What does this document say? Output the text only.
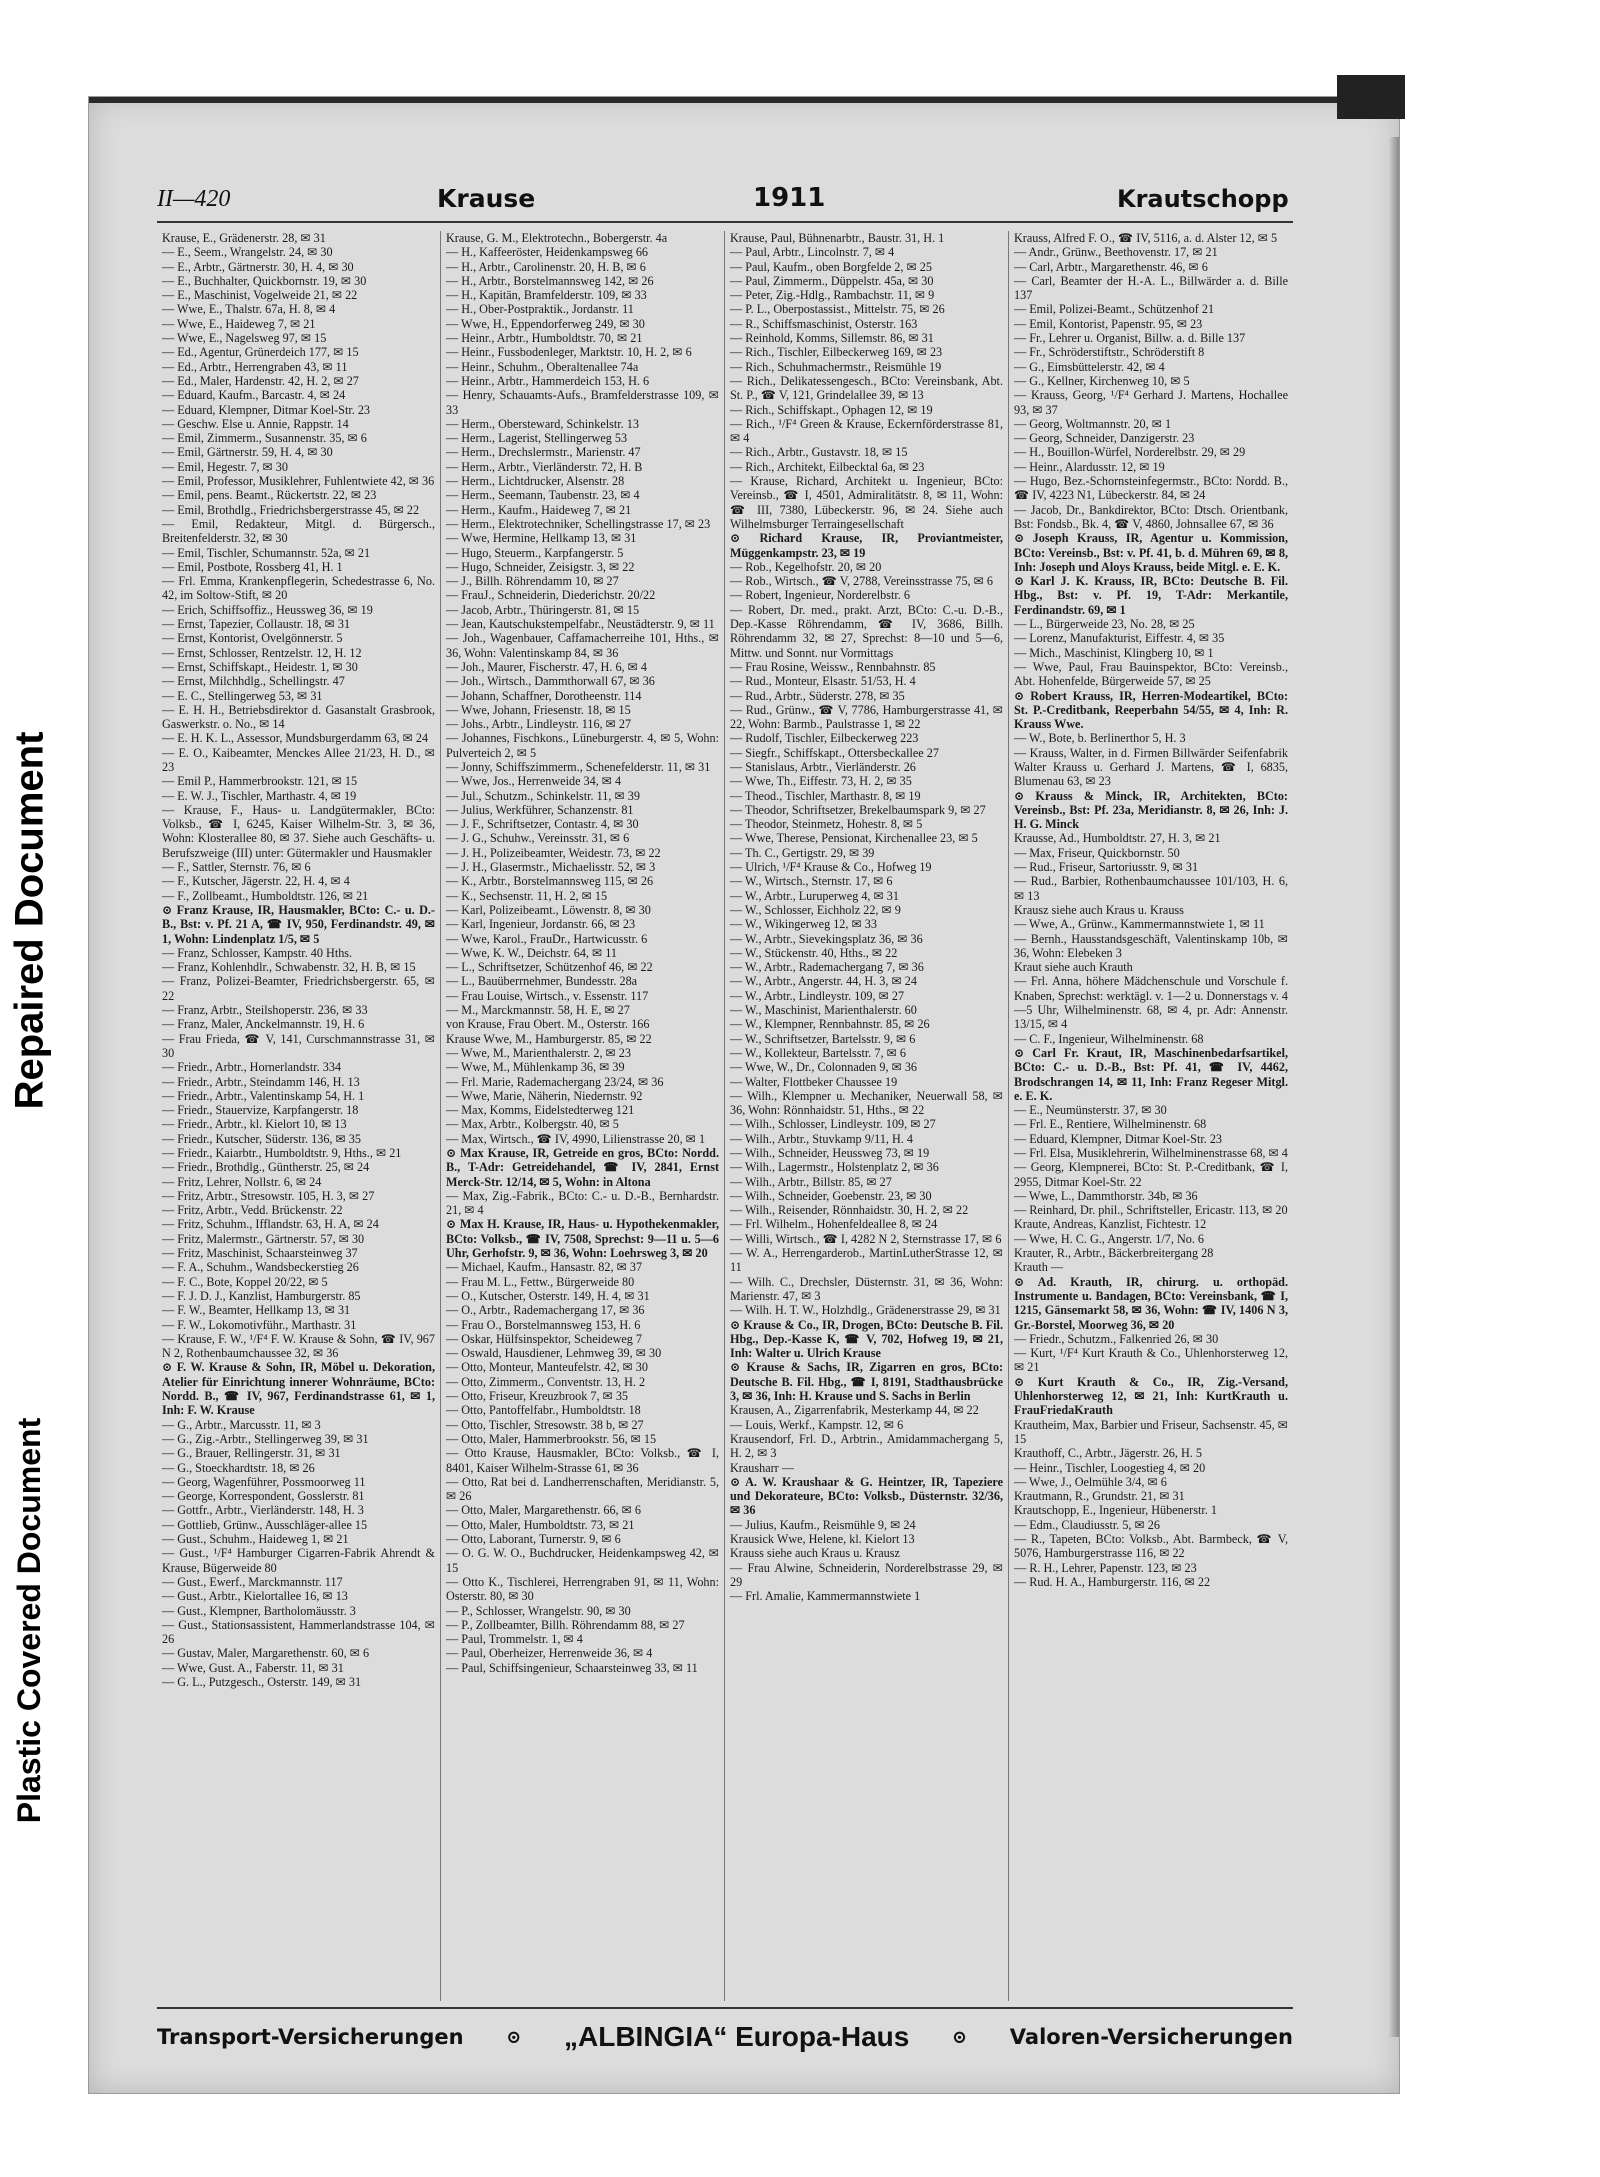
Repaired Document
Plastic Covered Document
II—420	Krause	1911	Krautschopp

Krause, E., Grädenerstr. 28, ✉ 31

— E., Seem., Wrangelstr. 24, ✉ 30

— E., Arbtr., Gärtnerstr. 30, H. 4, ✉ 30

— E., Buchhalter, Quickbornstr. 19, ✉ 30

— E., Maschinist, Vogelweide 21, ✉ 22

— Wwe, E., Thalstr. 67a, H. 8, ✉ 4

— Wwe, E., Haideweg 7, ✉ 21

— Wwe, E., Nagelsweg 97, ✉ 15

— Ed., Agentur, Grünerdeich 177, ✉ 15

— Ed., Arbtr., Herrengraben 43, ✉ 11

— Ed., Maler, Hardenstr. 42, H. 2, ✉ 27

— Eduard, Kaufm., Barcastr. 4, ✉ 24

— Eduard, Klempner, Ditmar Koel-Str. 23

— Geschw. Else u. Annie, Rappstr. 14

— Emil, Zimmerm., Susannenstr. 35, ✉ 6

— Emil, Gärtnerstr. 59, H. 4, ✉ 30

— Emil, Hegestr. 7, ✉ 30

— Emil, Professor, Musiklehrer, Fuhlentwiete 42, ✉ 36

— Emil, pens. Beamt., Rückertstr. 22, ✉ 23

— Emil, Brothdlg., Friedrichsbergerstrasse 45, ✉ 22

— Emil, Redakteur, Mitgl. d. Bürgersch., Breitenfelderstr. 32, ✉ 30

— Emil, Tischler, Schumannstr. 52a, ✉ 21

— Emil, Postbote, Rossberg 41, H. 1

— Frl. Emma, Krankenpflegerin, Schedestrasse 6, No. 42, im Soltow-Stift, ✉ 20

— Erich, Schiffsoffiz., Heussweg 36, ✉ 19

— Ernst, Tapezier, Collaustr. 18, ✉ 31

— Ernst, Kontorist, Ovelgönnerstr. 5

— Ernst, Schlosser, Rentzelstr. 12, H. 12

— Ernst, Schiffskapt., Heidestr. 1, ✉ 30

— Ernst, Milchhdlg., Schellingstr. 47

— E. C., Stellingerweg 53, ✉ 31

— E. H. H., Betriebsdirektor d. Gasanstalt Grasbrook, Gaswerkstr. o. No., ✉ 14

— E. H. K. L., Assessor, Mundsburgerdamm 63, ✉ 24

— E. O., Kaibeamter, Menckes Allee 21/23, H. D., ✉ 23

— Emil P., Hammerbrookstr. 121, ✉ 15

— E. W. J., Tischler, Marthastr. 4, ✉ 19

— Krause, F., Haus- u. Landgütermakler, BCto: Volksb., ☎ I, 6245, Kaiser Wilhelm-Str. 3, ✉ 36, Wohn: Klosterallee 80, ✉ 37. Siehe auch Geschäfts- u. Berufszweige (III) unter: Gütermakler und Hausmakler

— F., Sattler, Sternstr. 76, ✉ 6

— F., Kutscher, Jägerstr. 22, H. 4, ✉ 4

— F., Zollbeamt., Humboldtstr. 126, ✉ 21

⊙ Franz Krause, IR, Hausmakler, BCto: C.- u. D.-B., Bst: v. Pf. 21 A, ☎ IV, 950, Ferdinandstr. 49, ✉ 1, Wohn: Lindenplatz 1/5, ✉ 5

— Franz, Schlosser, Kampstr. 40 Hths.

— Franz, Kohlenhdlr., Schwabenstr. 32, H. B, ✉ 15

— Franz, Polizei-Beamter, Friedrichsbergerstr. 65, ✉ 22

— Franz, Arbtr., Steilshoperstr. 236, ✉ 33

— Franz, Maler, Anckelmannstr. 19, H. 6

— Frau Frieda, ☎ V, 141, Curschmannstrasse 31, ✉ 30

— Friedr., Arbtr., Hornerlandstr. 334

— Friedr., Arbtr., Steindamm 146, H. 13

— Friedr., Arbtr., Valentinskamp 54, H. 1

— Friedr., Stauervize, Karpfangerstr. 18

— Friedr., Arbtr., kl. Kielort 10, ✉ 13

— Friedr., Kutscher, Süderstr. 136, ✉ 35

— Friedr., Kaiarbtr., Humboldtstr. 9, Hths., ✉ 21

— Friedr., Brothdlg., Güntherstr. 25, ✉ 24

— Fritz, Lehrer, Nollstr. 6, ✉ 24

— Fritz, Arbtr., Stresowstr. 105, H. 3, ✉ 27

— Fritz, Arbtr., Vedd. Brückenstr. 22

— Fritz, Schuhm., Ifflandstr. 63, H. A, ✉ 24

— Fritz, Malermstr., Gärtnerstr. 57, ✉ 30

— Fritz, Maschinist, Schaarsteinweg 37

— F. A., Schuhm., Wandsbeckerstieg 26

— F. C., Bote, Koppel 20/22, ✉ 5

— F. J. D. J., Kanzlist, Hamburgerstr. 85

— F. W., Beamter, Hellkamp 13, ✉ 31

— F. W., Lokomotivführ., Marthastr. 31

— Krause, F. W., ¹/F⁴ F. W. Krause & Sohn, ☎ IV, 967 N 2, Rothenbaumchaussee 32, ✉ 36

⊙ F. W. Krause & Sohn, IR, Möbel u. Dekoration, Atelier für Einrichtung innerer Wohnräume, BCto: Nordd. B., ☎ IV, 967, Ferdinandstrasse 61, ✉ 1, Inh: F. W. Krause

— G., Arbtr., Marcusstr. 11, ✉ 3

— G., Zig.-Arbtr., Stellingerweg 39, ✉ 31

— G., Brauer, Rellingerstr. 31, ✉ 31

— G., Stoeckhardtstr. 18, ✉ 26

— Georg, Wagenführer, Possmoorweg 11

— George, Korrespondent, Gosslerstr. 81

— Gottfr., Arbtr., Vierländerstr. 148, H. 3

— Gottlieb, Grünw., Ausschläger-allee 15

— Gust., Schuhm., Haideweg 1, ✉ 21

— Gust., ¹/F⁴ Hamburger Cigarren-Fabrik Ahrendt & Krause, Bügerweide 80

— Gust., Ewerf., Marckmannstr. 117

— Gust., Arbtr., Kielortallee 16, ✉ 13

— Gust., Klempner, Bartholomäusstr. 3

— Gust., Stationsassistent, Hammerlandstrasse 104, ✉ 26

— Gustav, Maler, Margarethenstr. 60, ✉ 6

— Wwe, Gust. A., Faberstr. 11, ✉ 31

— G. L., Putzgesch., Osterstr. 149, ✉ 31

Krause, G. M., Elektrotechn., Bobergerstr. 4a

— H., Kaffeeröster, Heidenkampsweg 66

— H., Arbtr., Carolinenstr. 20, H. B, ✉ 6

— H., Arbtr., Borstelmannsweg 142, ✉ 26

— H., Kapitän, Bramfelderstr. 109, ✉ 33

— H., Ober-Postpraktik., Jordanstr. 11

— Wwe, H., Eppendorferweg 249, ✉ 30

— Heinr., Arbtr., Humboldtstr. 70, ✉ 21

— Heinr., Fussbodenleger, Marktstr. 10, H. 2, ✉ 6

— Heinr., Schuhm., Oberaltenallee 74a

— Heinr., Arbtr., Hammerdeich 153, H. 6

— Henry, Schauamts-Aufs., Bramfelderstrasse 109, ✉ 33

— Herm., Obersteward, Schinkelstr. 13

— Herm., Lagerist, Stellingerweg 53

— Herm., Drechslermstr., Marienstr. 47

— Herm., Arbtr., Vierländerstr. 72, H. B

— Herm., Lichtdrucker, Alsenstr. 28

— Herm., Seemann, Taubenstr. 23, ✉ 4

— Herm., Kaufm., Haideweg 7, ✉ 21

— Herm., Elektrotechniker, Schellingstrasse 17, ✉ 23

— Wwe, Hermine, Hellkamp 13, ✉ 31

— Hugo, Steuerm., Karpfangerstr. 5

— Hugo, Schneider, Zeisigstr. 3, ✉ 22

— J., Billh. Röhrendamm 10, ✉ 27

— FrauJ., Schneiderin, Diederichstr. 20/22

— Jacob, Arbtr., Thüringerstr. 81, ✉ 15

— Jean, Kautschukstempelfabr., Neustädterstr. 9, ✉ 11

— Joh., Wagenbauer, Caffamacherreihe 101, Hths., ✉ 36, Wohn: Valentinskamp 84, ✉ 36

— Joh., Maurer, Fischerstr. 47, H. 6, ✉ 4

— Joh., Wirtsch., Dammthorwall 67, ✉ 36

— Johann, Schaffner, Dorotheenstr. 114

— Wwe, Johann, Friesenstr. 18, ✉ 15

— Johs., Arbtr., Lindleystr. 116, ✉ 27

— Johannes, Fischkons., Lüneburgerstr. 4, ✉ 5, Wohn: Pulverteich 2, ✉ 5

— Jonny, Schiffszimmerm., Schenefelderstr. 11, ✉ 31

— Wwe, Jos., Herrenweide 34, ✉ 4

— Jul., Schutzm., Schinkelstr. 11, ✉ 39

— Julius, Werkführer, Schanzenstr. 81

— J. F., Schriftsetzer, Contastr. 4, ✉ 30

— J. G., Schuhw., Vereinsstr. 31, ✉ 6

— J. H., Polizeibeamter, Weidestr. 73, ✉ 22

— J. H., Glasermstr., Michaelisstr. 52, ✉ 3

— K., Arbtr., Borstelmannsweg 115, ✉ 26

— K., Sechsenstr. 11, H. 2, ✉ 15

— Karl, Polizeibeamt., Löwenstr. 8, ✉ 30

— Karl, Ingenieur, Jordanstr. 66, ✉ 23

— Wwe, Karol., FrauDr., Hartwicusstr. 6

— Wwe, K. W., Deichstr. 64, ✉ 11

— L., Schriftsetzer, Schützenhof 46, ✉ 22

— L., Bauüberrnehmer, Bundesstr. 28a

— Frau Louise, Wirtsch., v. Essenstr. 117

— M., Marckmannstr. 58, H. E, ✉ 27

von Krause, Frau Obert. M., Osterstr. 166

Krause Wwe, M., Hamburgerstr. 85, ✉ 22

— Wwe, M., Marienthalerstr. 2, ✉ 23

— Wwe, M., Mühlenkamp 36, ✉ 39

— Frl. Marie, Rademachergang 23/24, ✉ 36

— Wwe, Marie, Näherin, Niedernstr. 92

— Max, Komms, Eidelstedterweg 121

— Max, Arbtr., Kolbergstr. 40, ✉ 5

— Max, Wirtsch., ☎ IV, 4990, Lilienstrasse 20, ✉ 1

⊙ Max Krause, IR, Getreide en gros, BCto: Nordd. B., T-Adr: Getreidehandel, ☎ IV, 2841, Ernst Merck-Str. 12/14, ✉ 5, Wohn: in Altona

— Max, Zig.-Fabrik., BCto: C.- u. D.-B., Bernhardstr. 21, ✉ 4

⊙ Max H. Krause, IR, Haus- u. Hypothekenmakler, BCto: Volksb., ☎ IV, 7508, Sprechst: 9—11 u. 5—6 Uhr, Gerhofstr. 9, ✉ 36, Wohn: Loehrsweg 3, ✉ 20

— Michael, Kaufm., Hansastr. 82, ✉ 37

— Frau M. L., Fettw., Bürgerweide 80

— O., Kutscher, Osterstr. 149, H. 4, ✉ 31

— O., Arbtr., Rademachergang 17, ✉ 36

— Frau O., Borstelmannsweg 153, H. 6

— Oskar, Hülfsinspektor, Scheideweg 7

— Oswald, Hausdiener, Lehmweg 39, ✉ 30

— Otto, Monteur, Manteufelstr. 42, ✉ 30

— Otto, Zimmerm., Conventstr. 13, H. 2

— Otto, Friseur, Kreuzbrook 7, ✉ 35

— Otto, Pantoffelfabr., Humboldtstr. 18

— Otto, Tischler, Stresowstr. 38 b, ✉ 27

— Otto, Maler, Hammerbrookstr. 56, ✉ 15

— Otto Krause, Hausmakler, BCto: Volksb., ☎ I, 8401, Kaiser Wilhelm-Strasse 61, ✉ 36

— Otto, Rat bei d. Landherrenschaften, Meridianstr. 5, ✉ 26

— Otto, Maler, Margarethenstr. 66, ✉ 6

— Otto, Maler, Humboldtstr. 73, ✉ 21

— Otto, Laborant, Turnerstr. 9, ✉ 6

— O. G. W. O., Buchdrucker, Heidenkampsweg 42, ✉ 15

— Otto K., Tischlerei, Herrengraben 91, ✉ 11, Wohn: Osterstr. 80, ✉ 30

— P., Schlosser, Wrangelstr. 90, ✉ 30

— P., Zollbeamter, Billh. Röhrendamm 88, ✉ 27

— Paul, Trommelstr. 1, ✉ 4

— Paul, Oberheizer, Herrenweide 36, ✉ 4

— Paul, Schiffsingenieur, Schaarsteinweg 33, ✉ 11

Krause, Paul, Bühnenarbtr., Baustr. 31, H. 1

— Paul, Arbtr., Lincolnstr. 7, ✉ 4

— Paul, Kaufm., oben Borgfelde 2, ✉ 25

— Paul, Zimmerm., Düppelstr. 45a, ✉ 30

— Peter, Zig.-Hdlg., Rambachstr. 11, ✉ 9

— P. L., Oberpostassist., Mittelstr. 75, ✉ 26

— R., Schiffsmaschinist, Osterstr. 163

— Reinhold, Komms, Sillemstr. 86, ✉ 31

— Rich., Tischler, Eilbeckerweg 169, ✉ 23

— Rich., Schuhmachermstr., Reismühle 19

— Rich., Delikatessengesch., BCto: Vereinsbank, Abt. St. P., ☎ V, 121, Grindelallee 39, ✉ 13

— Rich., Schiffskapt., Ophagen 12, ✉ 19

— Rich., ¹/F⁴ Green & Krause, Eckernförderstrasse 81, ✉ 4

— Rich., Arbtr., Gustavstr. 18, ✉ 15

— Rich., Architekt, Eilbecktal 6a, ✉ 23

— Krause, Richard, Architekt u. Ingenieur, BCto: Vereinsb., ☎ I, 4501, Admiralitätstr. 8, ✉ 11, Wohn: ☎ III, 7380, Lübeckerstr. 96, ✉ 24. Siehe auch Wilhelmsburger Terraingesellschaft

⊙ Richard Krause, IR, Proviantmeister, Müggenkampstr. 23, ✉ 19

— Rob., Kegelhofstr. 20, ✉ 20

— Rob., Wirtsch., ☎ V, 2788, Vereinsstrasse 75, ✉ 6

— Robert, Ingenieur, Norderelbstr. 6

— Robert, Dr. med., prakt. Arzt, BCto: C.-u. D.-B., Dep.-Kasse Röhrendamm, ☎ IV, 3686, Billh. Röhrendamm 32, ✉ 27, Sprechst: 8—10 und 5—6, Mittw. und Sonnt. nur Vormittags

— Frau Rosine, Weissw., Rennbahnstr. 85

— Rud., Monteur, Elsastr. 51/53, H. 4

— Rud., Arbtr., Süderstr. 278, ✉ 35

— Rud., Grünw., ☎ V, 7786, Hamburgerstrasse 41, ✉ 22, Wohn: Barmb., Paulstrasse 1, ✉ 22

— Rudolf, Tischler, Eilbeckerweg 223

— Siegfr., Schiffskapt., Ottersbeckallee 27

— Stanislaus, Arbtr., Vierländerstr. 26

— Wwe, Th., Eiffestr. 73, H. 2, ✉ 35

— Theod., Tischler, Marthastr. 8, ✉ 19

— Theodor, Schriftsetzer, Brekelbaumspark 9, ✉ 27

— Theodor, Steinmetz, Hohestr. 8, ✉ 5

— Wwe, Therese, Pensionat, Kirchenallee 23, ✉ 5

— Th. C., Gertigstr. 29, ✉ 39

— Ulrich, ¹/F⁴ Krause & Co., Hofweg 19

— W., Wirtsch., Sternstr. 17, ✉ 6

— W., Arbtr., Luruperweg 4, ✉ 31

— W., Schlosser, Eichholz 22, ✉ 9

— W., Wikingerweg 12, ✉ 33

— W., Arbtr., Sievekingsplatz 36, ✉ 36

— W., Stückenstr. 40, Hths., ✉ 22

— W., Arbtr., Rademachergang 7, ✉ 36

— W., Arbtr., Angerstr. 44, H. 3, ✉ 24

— W., Arbtr., Lindleystr. 109, ✉ 27

— W., Maschinist, Marienthalerstr. 60

— W., Klempner, Rennbahnstr. 85, ✉ 26

— W., Schriftsetzer, Bartelsstr. 9, ✉ 6

— W., Kollekteur, Bartelsstr. 7, ✉ 6

— Wwe, W., Dr., Colonnaden 9, ✉ 36

— Walter, Flottbeker Chaussee 19

— Wilh., Klempner u. Mechaniker, Neuerwall 58, ✉ 36, Wohn: Rönnhaidstr. 51, Hths., ✉ 22

— Wilh., Schlosser, Lindleystr. 109, ✉ 27

— Wilh., Arbtr., Stuvkamp 9/11, H. 4

— Wilh., Schneider, Heussweg 73, ✉ 19

— Wilh., Lagermstr., Holstenplatz 2, ✉ 36

— Wilh., Arbtr., Billstr. 85, ✉ 27

— Wilh., Schneider, Goebenstr. 23, ✉ 30

— Wilh., Reisender, Rönnhaidstr. 30, H. 2, ✉ 22

— Frl. Wilhelm., Hohenfeldeallee 8, ✉ 24

— Willi, Wirtsch., ☎ I, 4282 N 2, Sternstrasse 17, ✉ 6

— W. A., Herrengarderob., MartinLutherStrasse 12, ✉ 11

— Wilh. C., Drechsler, Düsternstr. 31, ✉ 36, Wohn: Marienstr. 47, ✉ 3

— Wilh. H. T. W., Holzhdlg., Grädenerstrasse 29, ✉ 31

⊙ Krause & Co., IR, Drogen, BCto: Deutsche B. Fil. Hbg., Dep.-Kasse K, ☎ V, 702, Hofweg 19, ✉ 21, Inh: Walter u. Ulrich Krause

⊙ Krause & Sachs, IR, Zigarren en gros, BCto: Deutsche B. Fil. Hbg., ☎ I, 8191, Stadthausbrücke 3, ✉ 36, Inh: H. Krause und S. Sachs in Berlin

Krausen, A., Zigarrenfabrik, Mesterkamp 44, ✉ 22

— Louis, Werkf., Kampstr. 12, ✉ 6

Krausendorf, Frl. D., Arbtrin., Amidammachergang 5, H. 2, ✉ 3

Krausharr —

⊙ A. W. Kraushaar & G. Heintzer, IR, Tapeziere und Dekorateure, BCto: Volksb., Düsternstr. 32/36, ✉ 36

— Julius, Kaufm., Reismühle 9, ✉ 24

Krausick Wwe, Helene, kl. Kielort 13

Krauss siehe auch Kraus u. Krausz

— Frau Alwine, Schneiderin, Norderelbstrasse 29, ✉ 29

— Frl. Amalie, Kammermannstwiete 1

Krauss, Alfred F. O., ☎ IV, 5116, a. d. Alster 12, ✉ 5

— Andr., Grünw., Beethovenstr. 17, ✉ 21

— Carl, Arbtr., Margarethenstr. 46, ✉ 6

— Carl, Beamter der H.-A. L., Billwärder a. d. Bille 137

— Emil, Polizei-Beamt., Schützenhof 21

— Emil, Kontorist, Papenstr. 95, ✉ 23

— Fr., Lehrer u. Organist, Billw. a. d. Bille 137

— Fr., Schröderstiftstr., Schröderstift 8

— G., Eimsbüttelerstr. 42, ✉ 4

— G., Kellner, Kirchenweg 10, ✉ 5

— Krauss, Georg, ¹/F⁴ Gerhard J. Martens, Hochallee 93, ✉ 37

— Georg, Woltmannstr. 20, ✉ 1

— Georg, Schneider, Danzigerstr. 23

— H., Bouillon-Würfel, Norderelbstr. 29, ✉ 29

— Heinr., Alardusstr. 12, ✉ 19

— Hugo, Bez.-Schornsteinfegermstr., BCto: Nordd. B., ☎ IV, 4223 N1, Lübeckerstr. 84, ✉ 24

— Jacob, Dr., Bankdirektor, BCto: Dtsch. Orientbank, Bst: Fondsb., Bk. 4, ☎ V, 4860, Johnsallee 67, ✉ 36

⊙ Joseph Krauss, IR, Agentur u. Kommission, BCto: Vereinsb., Bst: v. Pf. 41, b. d. Mühren 69, ✉ 8, Inh: Joseph und Aloys Krauss, beide Mitgl. e. E. K.

⊙ Karl J. K. Krauss, IR, BCto: Deutsche B. Fil. Hbg., Bst: v. Pf. 19, T-Adr: Merkantile, Ferdinandstr. 69, ✉ 1

— L., Bürgerweide 23, No. 28, ✉ 25

— Lorenz, Manufakturist, Eiffestr. 4, ✉ 35

— Mich., Maschinist, Klingberg 10, ✉ 1

— Wwe, Paul, Frau Bauinspektor, BCto: Vereinsb., Abt. Hohenfelde, Bürgerweide 57, ✉ 25

⊙ Robert Krauss, IR, Herren-Modeartikel, BCto: St. P.-Creditbank, Reeperbahn 54/55, ✉ 4, Inh: R. Krauss Wwe.

— W., Bote, b. Berlinerthor 5, H. 3

— Krauss, Walter, in d. Firmen Billwärder Seifenfabrik Walter Krauss u. Gerhard J. Martens, ☎ I, 6835, Blumenau 63, ✉ 23

⊙ Krauss & Minck, IR, Architekten, BCto: Vereinsb., Bst: Pf. 23a, Meridianstr. 8, ✉ 26, Inh: J. H. G. Minck

Krausse, Ad., Humboldtstr. 27, H. 3, ✉ 21

— Max, Friseur, Quickbornstr. 50

— Rud., Friseur, Sartoriusstr. 9, ✉ 31

— Rud., Barbier, Rothenbaumchaussee 101/103, H. 6, ✉ 13

Krausz siehe auch Kraus u. Krauss

— Wwe, A., Grünw., Kammermannstwiete 1, ✉ 11

— Bernh., Hausstandsgeschäft, Valentinskamp 10b, ✉ 36, Wohn: Elebeken 3

Kraut siehe auch Krauth

— Frl. Anna, höhere Mädchenschule und Vorschule f. Knaben, Sprechst: werktägl. v. 1—2 u. Donnerstags v. 4—5 Uhr, Wilhelminenstr. 68, ✉ 4, pr. Adr: Annenstr. 13/15, ✉ 4

— C. F., Ingenieur, Wilhelminenstr. 68

⊙ Carl Fr. Kraut, IR, Maschinenbedarfsartikel, BCto: C.- u. D.-B., Bst: Pf. 41, ☎ IV, 4462, Brodschrangen 14, ✉ 11, Inh: Franz Regeser Mitgl. e. E. K.

— E., Neumünsterstr. 37, ✉ 30

— Frl. E., Rentiere, Wilhelminenstr. 68

— Eduard, Klempner, Ditmar Koel-Str. 23

— Frl. Elsa, Musiklehrerin, Wilhelminenstrasse 68, ✉ 4

— Georg, Klempnerei, BCto: St. P.-Creditbank, ☎ I, 2955, Ditmar Koel-Str. 22

— Wwe, L., Dammthorstr. 34b, ✉ 36

— Reinhard, Dr. phil., Schriftsteller, Ericastr. 113, ✉ 20

Kraute, Andreas, Kanzlist, Fichtestr. 12

— Wwe, H. C. G., Angerstr. 1/7, No. 6

Krauter, R., Arbtr., Bäckerbreitergang 28

Krauth —

⊙ Ad. Krauth, IR, chirurg. u. orthopäd. Instrumente u. Bandagen, BCto: Vereinsbank, ☎ I, 1215, Gänsemarkt 58, ✉ 36, Wohn: ☎ IV, 1406 N 3, Gr.-Borstel, Moorweg 36, ✉ 20

— Friedr., Schutzm., Falkenried 26, ✉ 30

— Kurt, ¹/F⁴ Kurt Krauth & Co., Uhlenhorsterweg 12, ✉ 21

⊙ Kurt Krauth & Co., IR, Zig.-Versand, Uhlenhorsterweg 12, ✉ 21, Inh: KurtKrauth u. FrauFriedaKrauth

Krautheim, Max, Barbier und Friseur, Sachsenstr. 45, ✉ 15

Krauthoff, C., Arbtr., Jägerstr. 26, H. 5

— Heinr., Tischler, Loogestieg 4, ✉ 20

— Wwe, J., Oelmühle 3/4, ✉ 6

Krautmann, R., Grundstr. 21, ✉ 31

Krautschopp, E., Ingenieur, Hübenerstr. 1

— Edm., Claudiusstr. 5, ✉ 26

— R., Tapeten, BCto: Volksb., Abt. Barmbeck, ☎ V, 5076, Hamburgerstrasse 116, ✉ 22

— R. H., Lehrer, Papenstr. 123, ✉ 23

— Rud. H. A., Hamburgerstr. 116, ✉ 22

Transport-Versicherungen ⊙ „ALBINGIA“ Europa-Haus ⊙ Valoren-Versicherungen
